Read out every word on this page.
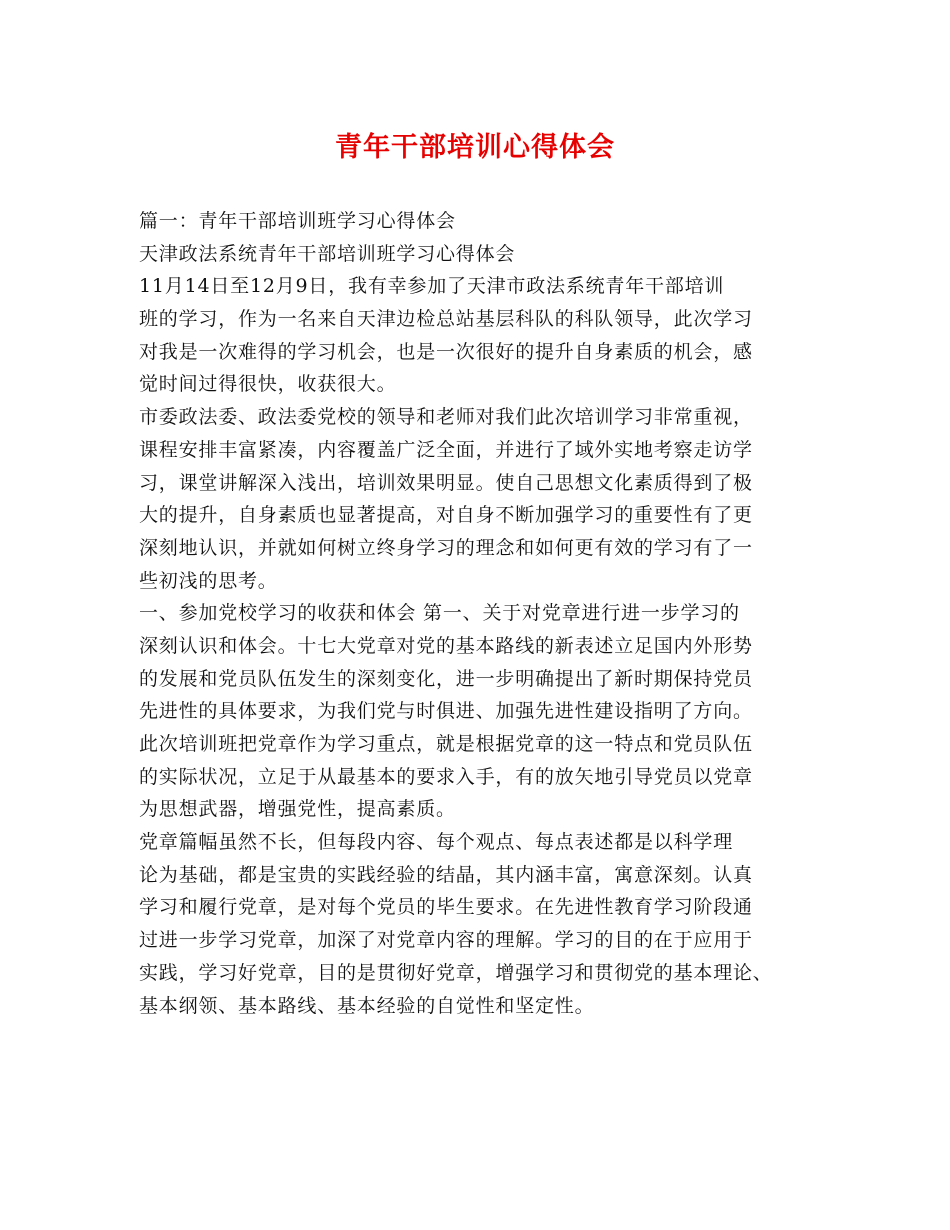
青年干部培训心得体会
篇一：青年干部培训班学习心得体会
天津政法系统青年干部培训班学习心得体会
11月14日至12月9日，我有幸参加了天津市政法系统青年干部培训
班的学习，作为一名来自天津边检总站基层科队的科队领导，此次学习
对我是一次难得的学习机会，也是一次很好的提升自身素质的机会，感
觉时间过得很快，收获很大。
市委政法委、政法委党校的领导和老师对我们此次培训学习非常重视，
课程安排丰富紧凑，内容覆盖广泛全面，并进行了域外实地考察走访学
习，课堂讲解深入浅出，培训效果明显。使自己思想文化素质得到了极
大的提升，自身素质也显著提高，对自身不断加强学习的重要性有了更
深刻地认识，并就如何树立终身学习的理念和如何更有效的学习有了一
些初浅的思考。
一、参加党校学习的收获和体会 第一、关于对党章进行进一步学习的
深刻认识和体会。十七大党章对党的基本路线的新表述立足国内外形势
的发展和党员队伍发生的深刻变化，进一步明确提出了新时期保持党员
先进性的具体要求，为我们党与时俱进、加强先进性建设指明了方向。
此次培训班把党章作为学习重点，就是根据党章的这一特点和党员队伍
的实际状况，立足于从最基本的要求入手，有的放矢地引导党员以党章
为思想武器，增强党性，提高素质。
党章篇幅虽然不长，但每段内容、每个观点、每点表述都是以科学理
论为基础，都是宝贵的实践经验的结晶，其内涵丰富，寓意深刻。认真
学习和履行党章，是对每个党员的毕生要求。在先进性教育学习阶段通
过进一步学习党章，加深了对党章内容的理解。学习的目的在于应用于
实践，学习好党章，目的是贯彻好党章，增强学习和贯彻党的基本理论、
基本纲领、基本路线、基本经验的自觉性和坚定性。
